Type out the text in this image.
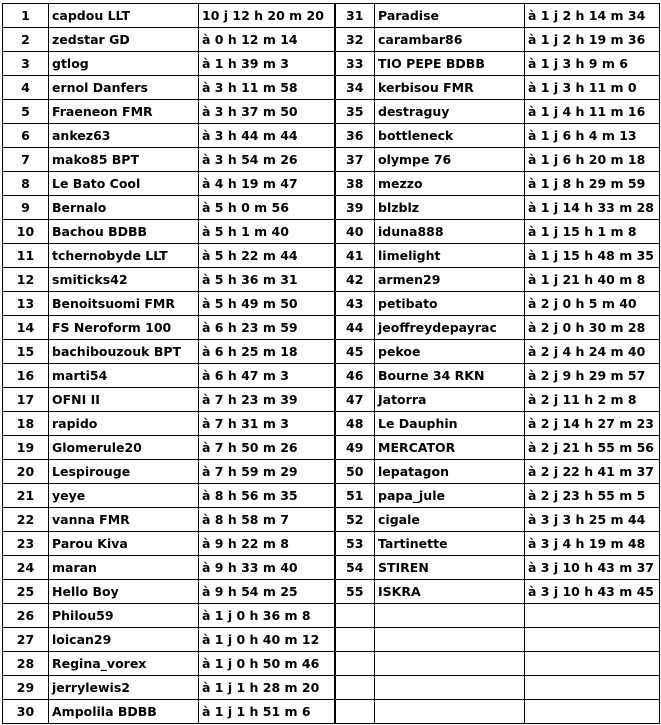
1	capdou LLT	10 j 12 h 20 m 20	31	Paradise	à 1 j 2 h 14 m 34
2	zedstar GD	à 0 h 12 m 14	32	carambar86	à 1 j 2 h 19 m 36
3	gtlog	à 1 h 39 m 3	33	TIO PEPE BDBB	à 1 j 3 h 9 m 6
4	ernol Danfers	à 3 h 11 m 58	34	kerbisou FMR	à 1 j 3 h 11 m 0
5	Fraeneon FMR	à 3 h 37 m 50	35	destraguy	à 1 j 4 h 11 m 16
6	ankez63	à 3 h 44 m 44	36	bottleneck	à 1 j 6 h 4 m 13
7	mako85 BPT	à 3 h 54 m 26	37	olympe 76	à 1 j 6 h 20 m 18
8	Le Bato Cool	à 4 h 19 m 47	38	mezzo	à 1 j 8 h 29 m 59
9	Bernalo	à 5 h 0 m 56	39	blzblz	à 1 j 14 h 33 m 28
10	Bachou BDBB	à 5 h 1 m 40	40	iduna888	à 1 j 15 h 1 m 8
11	tchernobyde LLT	à 5 h 22 m 44	41	limelight	à 1 j 15 h 48 m 35
12	smiticks42	à 5 h 36 m 31	42	armen29	à 1 j 21 h 40 m 8
13	Benoitsuomi FMR	à 5 h 49 m 50	43	petibato	à 2 j 0 h 5 m 40
14	FS Neroform 100	à 6 h 23 m 59	44	jeoffreydepayrac	à 2 j 0 h 30 m 28
15	bachibouzouk BPT	à 6 h 25 m 18	45	pekoe	à 2 j 4 h 24 m 40
16	marti54	à 6 h 47 m 3	46	Bourne 34 RKN	à 2 j 9 h 29 m 57
17	OFNI II	à 7 h 23 m 39	47	Jatorra	à 2 j 11 h 2 m 8
18	rapido	à 7 h 31 m 3	48	Le Dauphin	à 2 j 14 h 27 m 23
19	Glomerule20	à 7 h 50 m 26	49	MERCATOR	à 2 j 21 h 55 m 56
20	Lespirouge	à 7 h 59 m 29	50	lepatagon	à 2 j 22 h 41 m 37
21	yeye	à 8 h 56 m 35	51	papa_jule	à 2 j 23 h 55 m 5
22	vanna FMR	à 8 h 58 m 7	52	cigale	à 3 j 3 h 25 m 44
23	Parou Kiva	à 9 h 22 m 8	53	Tartinette	à 3 j 4 h 19 m 48
24	maran	à 9 h 33 m 40	54	STIREN	à 3 j 10 h 43 m 37
25	Hello Boy	à 9 h 54 m 25	55	ISKRA	à 3 j 10 h 43 m 45
26	Philou59	à 1 j 0 h 36 m 8			
27	loican29	à 1 j 0 h 40 m 12			
28	Regina_vorex	à 1 j 0 h 50 m 46			
29	jerrylewis2	à 1 j 1 h 28 m 20			
30	Ampolila BDBB	à 1 j 1 h 51 m 6			
